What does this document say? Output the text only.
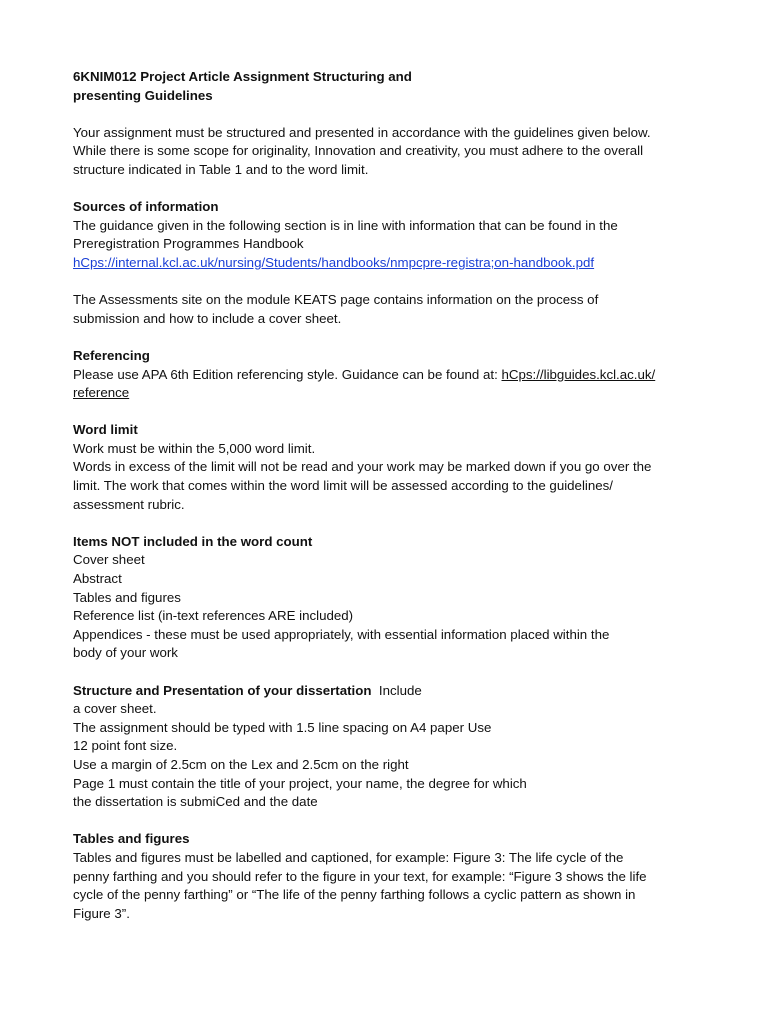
6KNIM012 Project Article Assignment Structuring and
presenting Guidelines
Your assignment must be structured and presented in accordance with the guidelines given below.
While there is some scope for originality, Innovation and creativity, you must adhere to the overall
structure indicated in Table 1 and to the word limit.
Sources of information
The guidance given in the following section is in line with information that can be found in the
Preregistration Programmes Handbook
hCps://internal.kcl.ac.uk/nursing/Students/handbooks/nmpcpre-registra;on-handbook.pdf
The Assessments site on the module KEATS page contains information on the process of
submission and how to include a cover sheet.
Referencing
Please use APA 6th Edition referencing style. Guidance can be found at: hCps://libguides.kcl.ac.uk/
reference
Word limit
Work must be within the 5,000 word limit.
Words in excess of the limit will not be read and your work may be marked down if you go over the
limit. The work that comes within the word limit will be assessed according to the guidelines/
assessment rubric.
Items NOT included in the word count
Cover sheet
Abstract
Tables and figures
Reference list (in-text references ARE included)
Appendices - these must be used appropriately, with essential information placed within the
body of your work
Structure and Presentation of your dissertation  Include
a cover sheet.
The assignment should be typed with 1.5 line spacing on A4 paper Use
12 point font size.
Use a margin of 2.5cm on the Lex and 2.5cm on the right
Page 1 must contain the title of your project, your name, the degree for which
the dissertation is submiCed and the date
Tables and figures
Tables and figures must be labelled and captioned, for example: Figure 3: The life cycle of the
penny farthing and you should refer to the figure in your text, for example: “Figure 3 shows the life
cycle of the penny farthing” or “The life of the penny farthing follows a cyclic pattern as shown in
Figure 3”.
